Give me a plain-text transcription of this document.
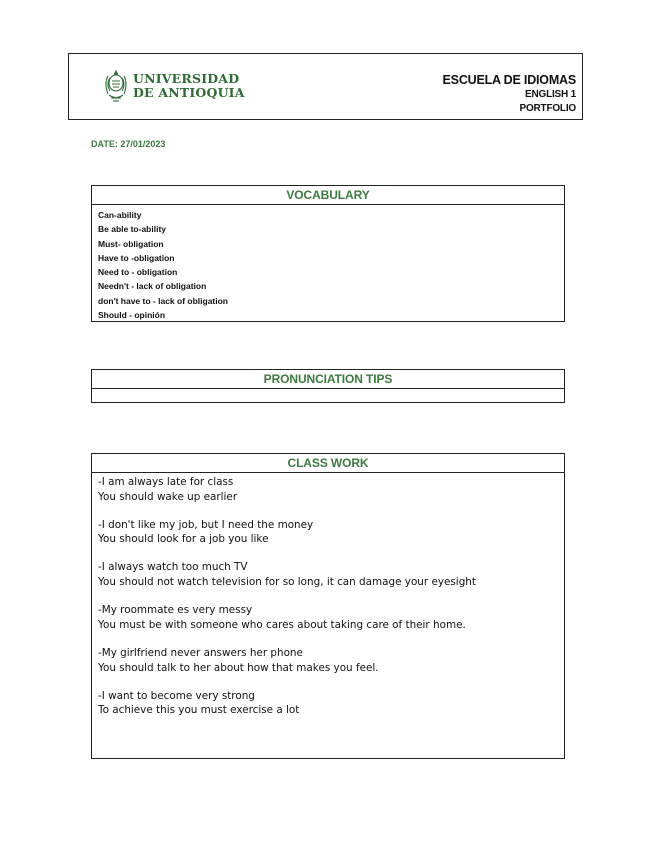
UNIVERSIDAD
DE ANTIOQUIA
ESCUELA DE IDIOMAS
ENGLISH 1
PORTFOLIO
DATE: 27/01/2023
VOCABULARY
Can-ability
Be able to-ability
Must- obligation
Have to -obligation
Need to - obligation
Needn't - lack of obligation
don't have to - lack of obligation
Should - opinión
PRONUNCIATION TIPS
CLASS WORK
-I am always late for class
You should wake up earlier
-I don't like my job, but I need the money
You should look for a job you like
-I always watch too much TV
You should not watch television for so long, it can damage your eyesight
-My roommate es very messy
You must be with someone who cares about taking care of their home.
-My girlfriend never answers her phone
You should talk to her about how that makes you feel.
-I want to become very strong
To achieve this you must exercise a lot
